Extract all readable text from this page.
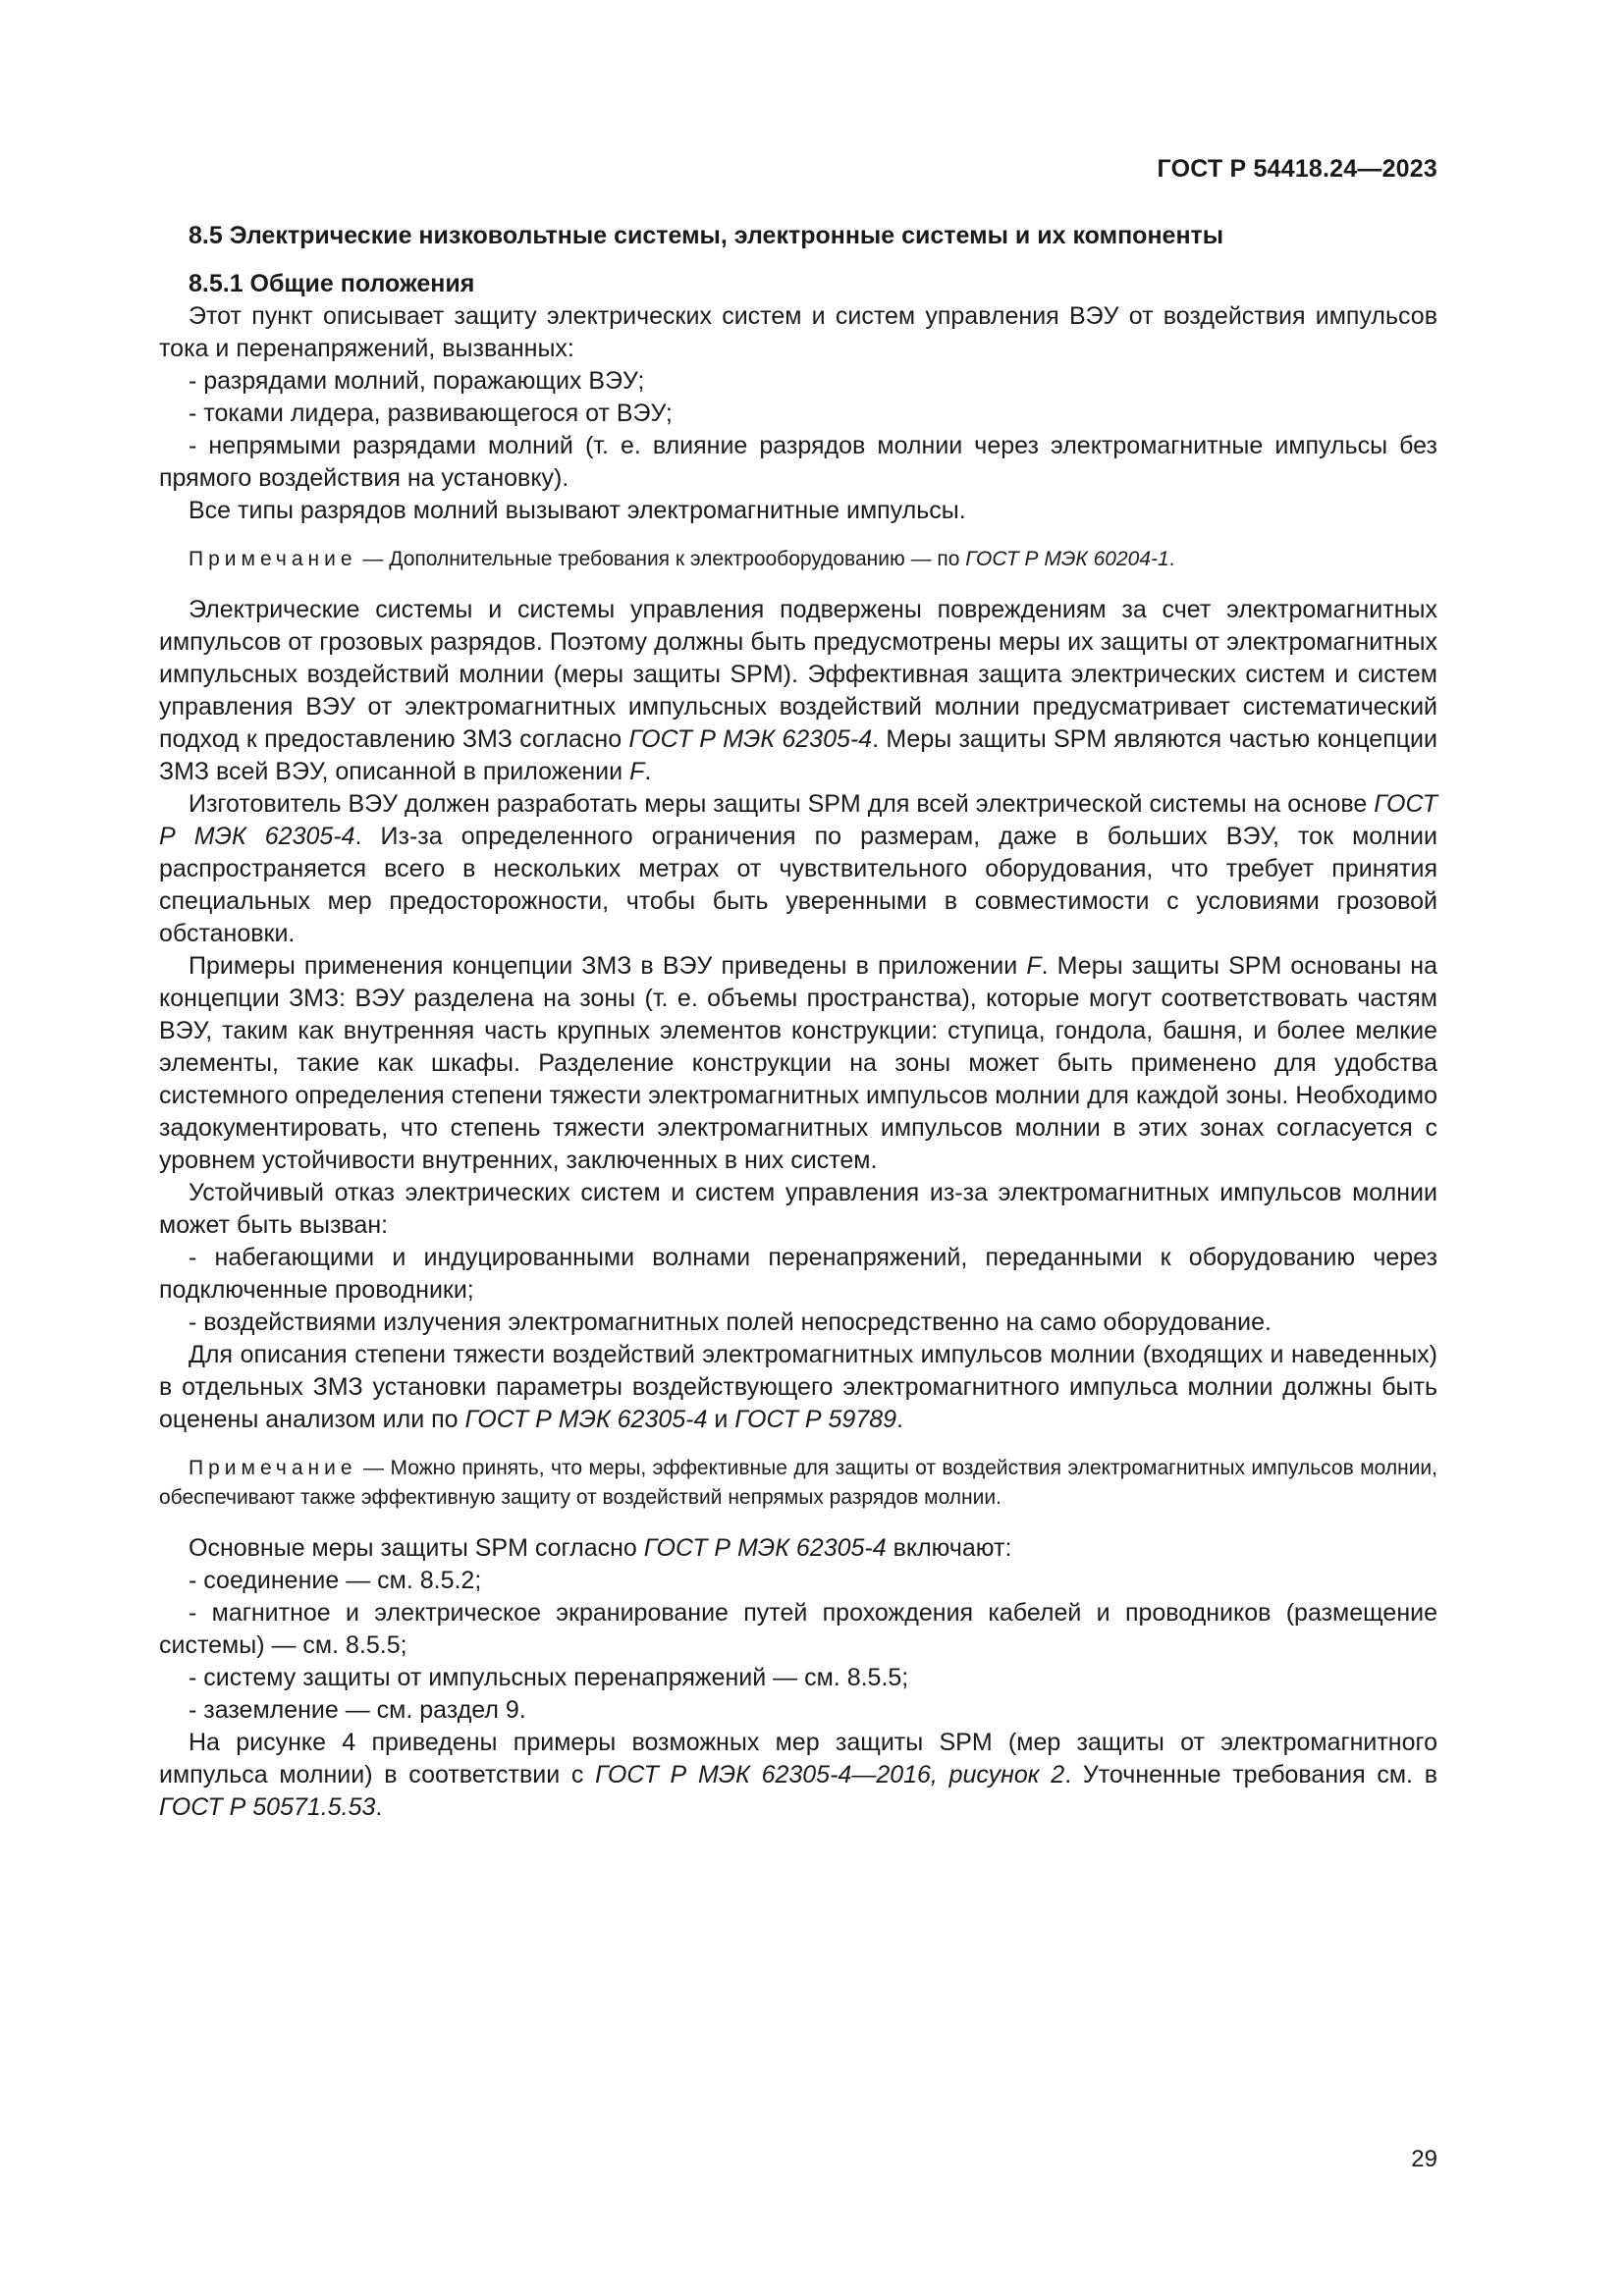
ГОСТ Р 54418.24—2023

8.5 Электрические низковольтные системы, электронные системы и их компоненты

8.5.1 Общие положения

Этот пункт описывает защиту электрических систем и систем управления ВЭУ от воздействия импульсов тока и перенапряжений, вызванных:

- разрядами молний, поражающих ВЭУ;

- токами лидера, развивающегося от ВЭУ;

- непрямыми разрядами молний (т. е. влияние разрядов молнии через электромагнитные импульсы без прямого воздействия на установку).

Все типы разрядов молний вызывают электромагнитные импульсы.

Примечание — Дополнительные требования к электрооборудованию — по ГОСТ Р МЭК 60204-1.

Электрические системы и системы управления подвержены повреждениям за счет электромагнитных импульсов от грозовых разрядов. Поэтому должны быть предусмотрены меры их защиты от электромагнитных импульсных воздействий молнии (меры защиты SPM). Эффективная защита электрических систем и систем управления ВЭУ от электромагнитных импульсных воздействий молнии предусматривает систематический подход к предоставлению ЗМЗ согласно ГОСТ Р МЭК 62305-4. Меры защиты SPM являются частью концепции ЗМЗ всей ВЭУ, описанной в приложении F.

Изготовитель ВЭУ должен разработать меры защиты SPM для всей электрической системы на основе ГОСТ Р МЭК 62305-4. Из-за определенного ограничения по размерам, даже в больших ВЭУ, ток молнии распространяется всего в нескольких метрах от чувствительного оборудования, что требует принятия специальных мер предосторожности, чтобы быть уверенными в совместимости с условиями грозовой обстановки.

Примеры применения концепции ЗМЗ в ВЭУ приведены в приложении F. Меры защиты SPM основаны на концепции ЗМЗ: ВЭУ разделена на зоны (т. е. объемы пространства), которые могут соответствовать частям ВЭУ, таким как внутренняя часть крупных элементов конструкции: ступица, гондола, башня, и более мелкие элементы, такие как шкафы. Разделение конструкции на зоны может быть применено для удобства системного определения степени тяжести электромагнитных импульсов молнии для каждой зоны. Необходимо задокументировать, что степень тяжести электромагнитных импульсов молнии в этих зонах согласуется с уровнем устойчивости внутренних, заключенных в них систем.

Устойчивый отказ электрических систем и систем управления из-за электромагнитных импульсов молнии может быть вызван:

- набегающими и индуцированными волнами перенапряжений, переданными к оборудованию через подключенные проводники;

- воздействиями излучения электромагнитных полей непосредственно на само оборудование.

Для описания степени тяжести воздействий электромагнитных импульсов молнии (входящих и наведенных) в отдельных ЗМЗ установки параметры воздействующего электромагнитного импульса молнии должны быть оценены анализом или по ГОСТ Р МЭК 62305-4 и ГОСТ Р 59789.

Примечание — Можно принять, что меры, эффективные для защиты от воздействия электромагнитных импульсов молнии, обеспечивают также эффективную защиту от воздействий непрямых разрядов молнии.

Основные меры защиты SPM согласно ГОСТ Р МЭК 62305-4 включают:

- соединение — см. 8.5.2;

- магнитное и электрическое экранирование путей прохождения кабелей и проводников (размещение системы) — см. 8.5.5;

- систему защиты от импульсных перенапряжений — см. 8.5.5;

- заземление — см. раздел 9.

На рисунке 4 приведены примеры возможных мер защиты SPM (мер защиты от электромагнитного импульса молнии) в соответствии с ГОСТ Р МЭК 62305-4—2016, рисунок 2. Уточненные требования см. в ГОСТ Р 50571.5.53.

29
